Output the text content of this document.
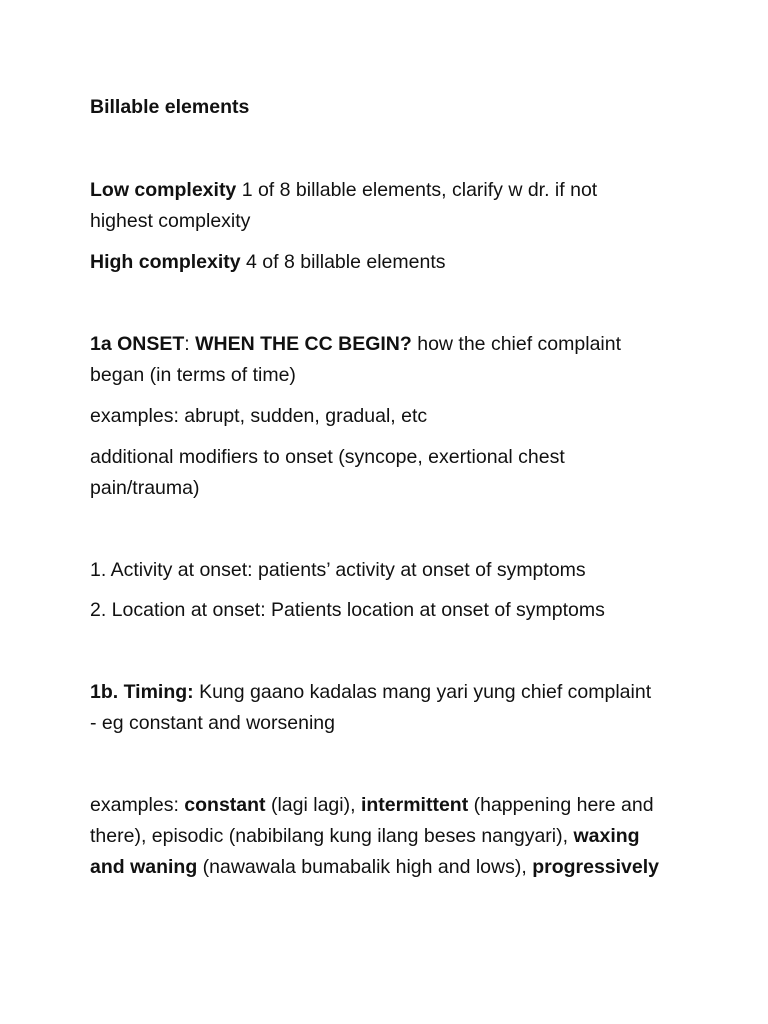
Billable elements

Low complexity 1 of 8 billable elements, clarify w dr. if not
highest complexity

High complexity 4 of 8 billable elements

1a ONSET: WHEN THE CC BEGIN? how the chief complaint
began (in terms of time)

examples: abrupt, sudden, gradual, etc

additional modifiers to onset (syncope, exertional chest
pain/trauma)

1. Activity at onset: patients’ activity at onset of symptoms

2. Location at onset: Patients location at onset of symptoms

1b. Timing: Kung gaano kadalas mang yari yung chief complaint
- eg constant and worsening

examples: constant (lagi lagi), intermittent (happening here and
there), episodic (nabibilang kung ilang beses nangyari), waxing
and waning (nawawala bumabalik high and lows), progressively
